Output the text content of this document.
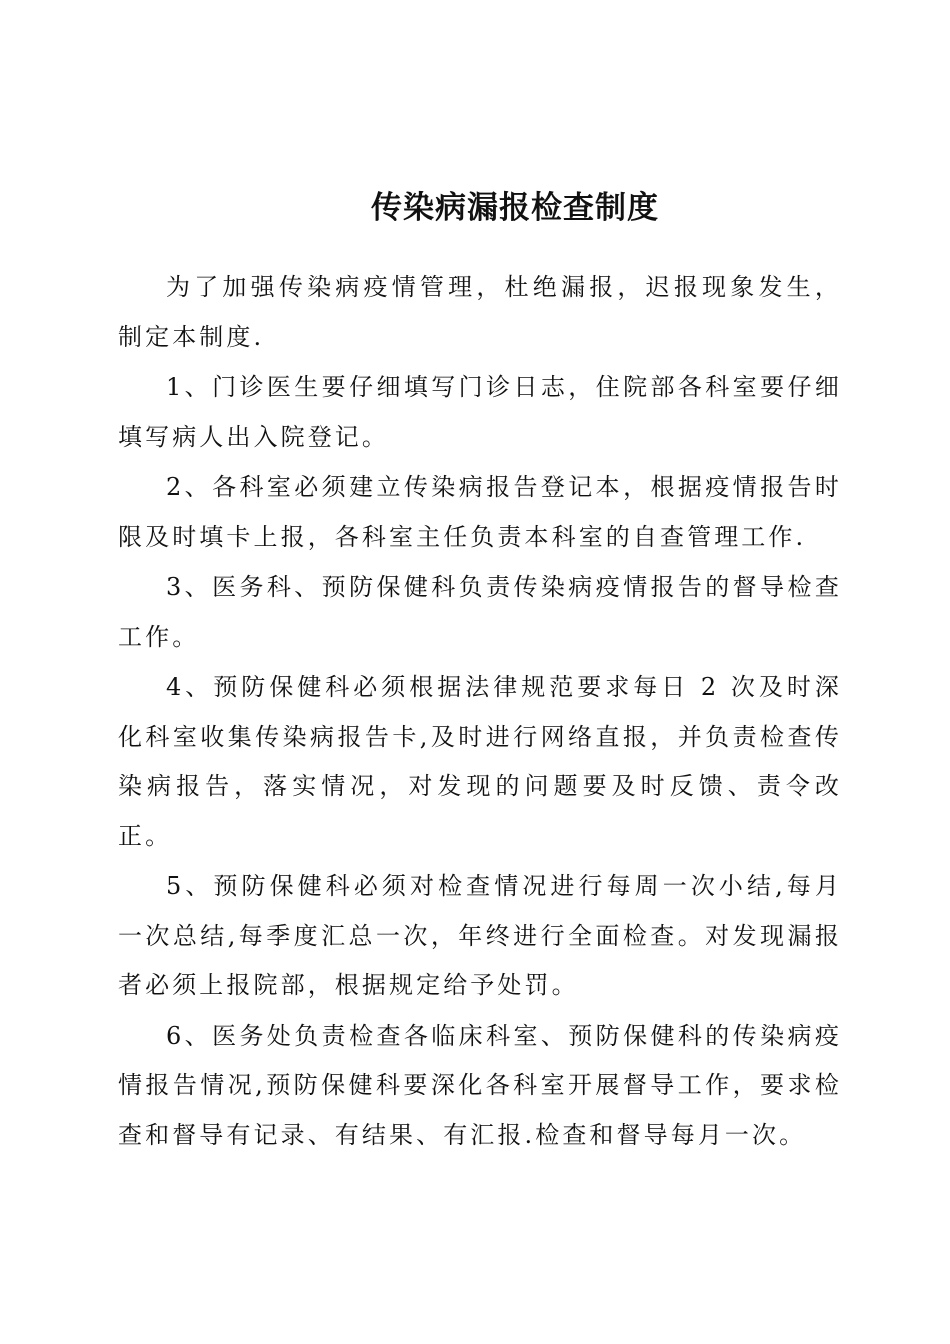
传染病漏报检查制度

为了加强传染病疫情管理，杜绝漏报，迟报现象发生，制定本制度.

1、门诊医生要仔细填写门诊日志，住院部各科室要仔细填写病人出入院登记。

2、各科室必须建立传染病报告登记本，根据疫情报告时限及时填卡上报，各科室主任负责本科室的自查管理工作.

3、医务科、预防保健科负责传染病疫情报告的督导检查工作。

4、预防保健科必须根据法律规范要求每日 2 次及时深化科室收集传染病报告卡,及时进行网络直报，并负责检查传染病报告，落实情况，对发现的问题要及时反馈、责令改正。

5、预防保健科必须对检查情况进行每周一次小结,每月一次总结,每季度汇总一次，年终进行全面检查。对发现漏报者必须上报院部，根据规定给予处罚。

6、医务处负责检查各临床科室、预防保健科的传染病疫情报告情况,预防保健科要深化各科室开展督导工作，要求检查和督导有记录、有结果、有汇报.检查和督导每月一次。
